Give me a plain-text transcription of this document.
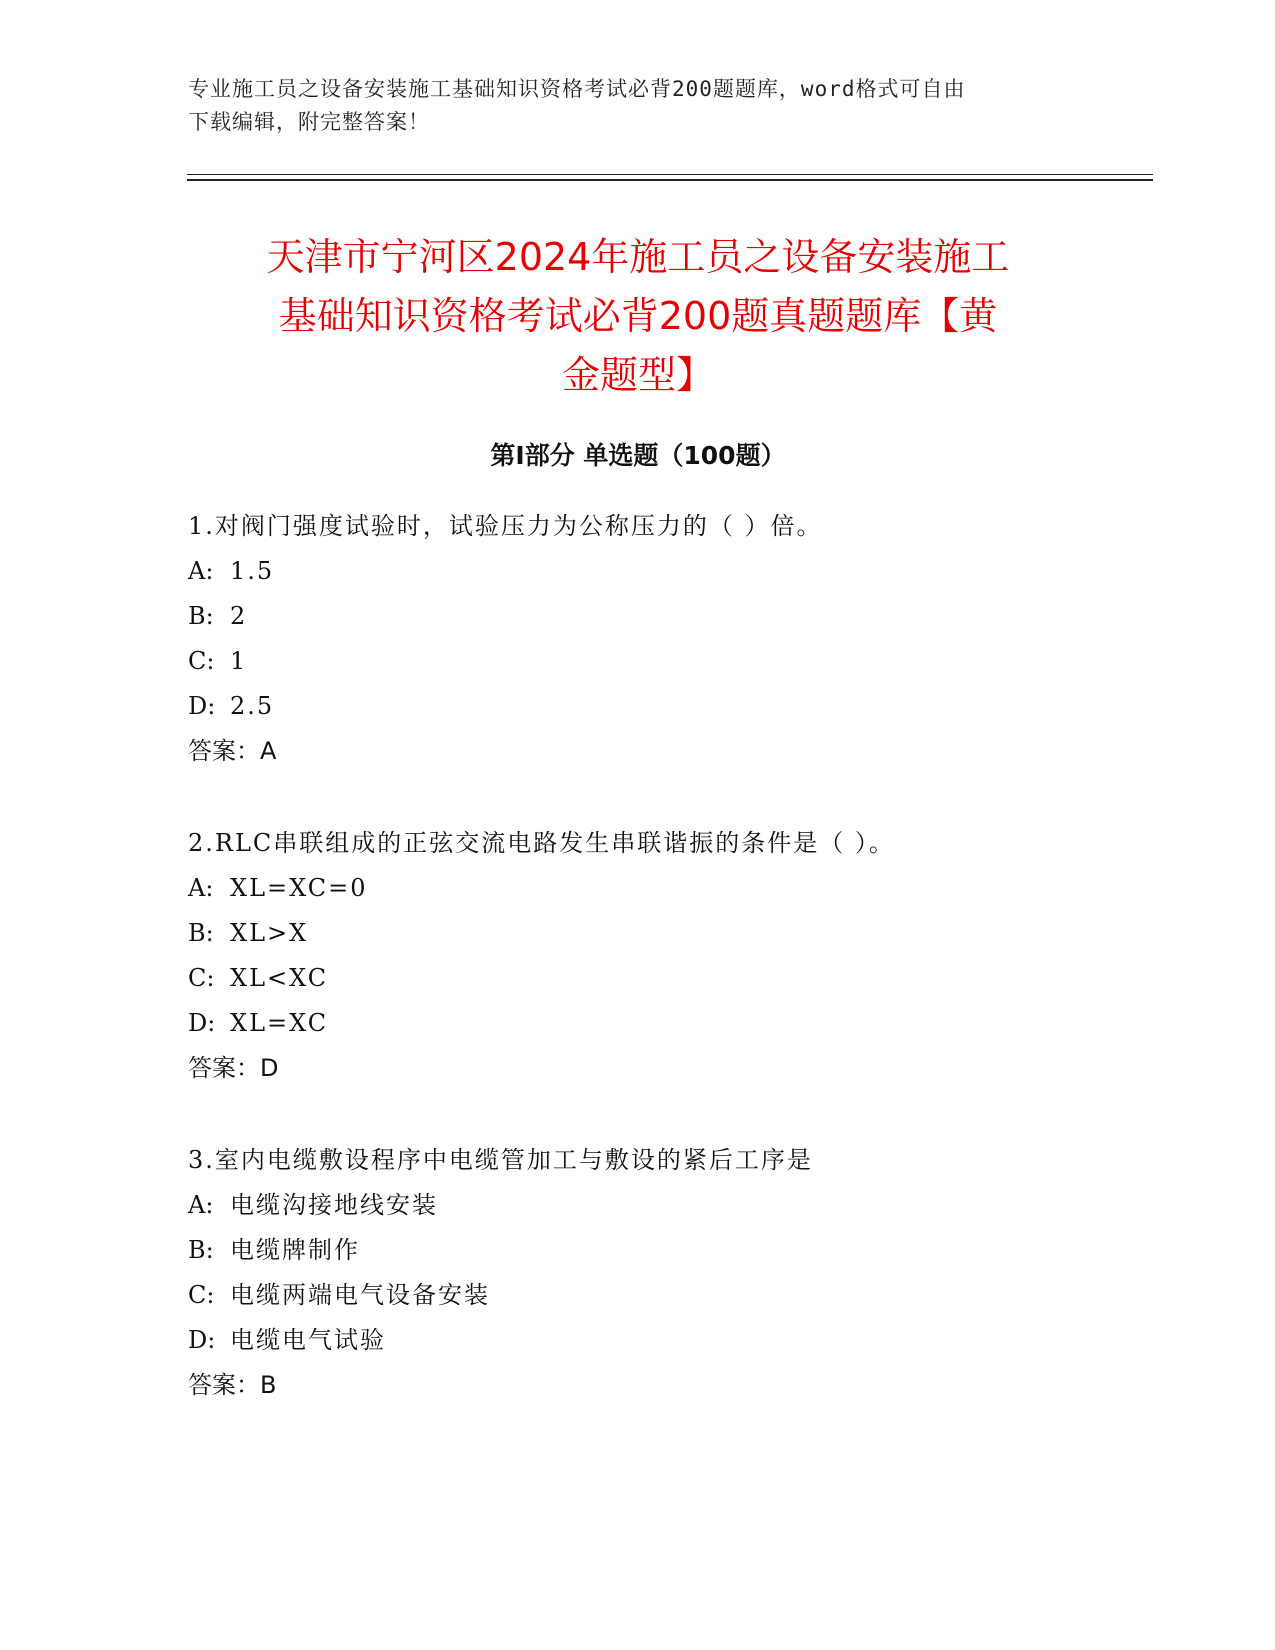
专业施工员之设备安装施工基础知识资格考试必背200题题库，word格式可自由
下载编辑，附完整答案！
天津市宁河区2024年施工员之设备安装施工
基础知识资格考试必背200题真题题库【黄
金题型】
第I部分 单选题（100题）
1.对阀门强度试验时，试验压力为公称压力的（ ）倍。
A: 1.5
B: 2
C: 1
D: 2.5
答案：A
2.RLC串联组成的正弦交流电路发生串联谐振的条件是（ ）。
A: XL=XC=0
B: XL>X
C: XL<XC
D: XL=XC
答案：D
3.室内电缆敷设程序中电缆管加工与敷设的紧后工序是
A: 电缆沟接地线安装
B: 电缆牌制作
C: 电缆两端电气设备安装
D: 电缆电气试验
答案：B
